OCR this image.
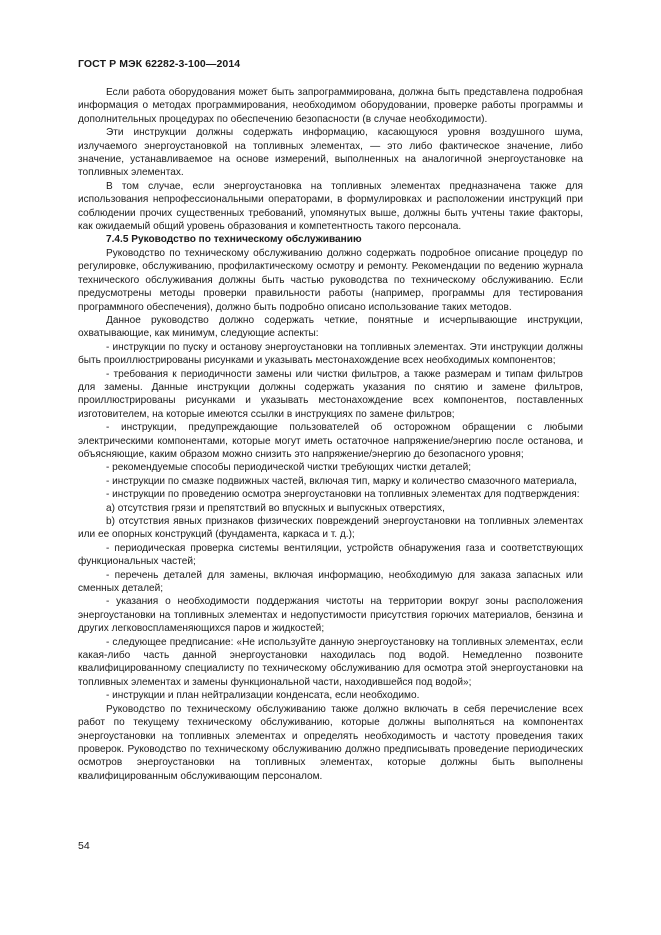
ГОСТ Р МЭК 62282-3-100—2014

Если работа оборудования может быть запрограммирована, должна быть представлена подробная информация о методах программирования, необходимом оборудовании, проверке работы программы и дополнительных процедурах по обеспечению безопасности (в случае необходимости).

Эти инструкции должны содержать информацию, касающуюся уровня воздушного шума, излучаемого энергоустановкой на топливных элементах, — это либо фактическое значение, либо значение, устанавливаемое на основе измерений, выполненных на аналогичной энергоустановке на топливных элементах.

В том случае, если энергоустановка на топливных элементах предназначена также для использования непрофессиональными операторами, в формулировках и расположении инструкций при соблюдении прочих существенных требований, упомянутых выше, должны быть учтены такие факторы, как ожидаемый общий уровень образования и компетентность такого персонала.

7.4.5 Руководство по техническому обслуживанию

Руководство по техническому обслуживанию должно содержать подробное описание процедур по регулировке, обслуживанию, профилактическому осмотру и ремонту. Рекомендации по ведению журнала технического обслуживания должны быть частью руководства по техническому обслуживанию. Если предусмотрены методы проверки правильности работы (например, программы для тестирования программного обеспечения), должно быть подробно описано использование таких методов.

Данное руководство должно содержать четкие, понятные и исчерпывающие инструкции, охватывающие, как минимум, следующие аспекты:

- инструкции по пуску и останову энергоустановки на топливных элементах. Эти инструкции должны быть проиллюстрированы рисунками и указывать местонахождение всех необходимых компонентов;

- требования к периодичности замены или чистки фильтров, а также размерам и типам фильтров для замены. Данные инструкции должны содержать указания по снятию и замене фильтров, проиллюстрированы рисунками и указывать местонахождение всех компонентов, поставленных изготовителем, на которые имеются ссылки в инструкциях по замене фильтров;

- инструкции, предупреждающие пользователей об осторожном обращении с любыми электрическими компонентами, которые могут иметь остаточное напряжение/энергию после останова, и объясняющие, каким образом можно снизить это напряжение/энергию до безопасного уровня;

- рекомендуемые способы периодической чистки требующих чистки деталей;

- инструкции по смазке подвижных частей, включая тип, марку и количество смазочного материала,

- инструкции по проведению осмотра энергоустановки на топливных элементах для подтверждения:

a) отсутствия грязи и препятствий во впускных и выпускных отверстиях,

b) отсутствия явных признаков физических повреждений энергоустановки на топливных элементах или ее опорных конструкций (фундамента, каркаса и т. д.);

- периодическая проверка системы вентиляции, устройств обнаружения газа и соответствующих функциональных частей;

- перечень деталей для замены, включая информацию, необходимую для заказа запасных или сменных деталей;

- указания о необходимости поддержания чистоты на территории вокруг зоны расположения энергоустановки на топливных элементах и недопустимости присутствия горючих материалов, бензина и других легковоспламеняющихся паров и жидкостей;

- следующее предписание: «Не используйте данную энергоустановку на топливных элементах, если какая-либо часть данной энергоустановки находилась под водой. Немедленно позвоните квалифицированному специалисту по техническому обслуживанию для осмотра этой энергоустановки на топливных элементах и замены функциональной части, находившейся под водой»;

- инструкции и план нейтрализации конденсата, если необходимо.

Руководство по техническому обслуживанию также должно включать в себя перечисление всех работ по текущему техническому обслуживанию, которые должны выполняться на компонентах энергоустановки на топливных элементах и определять необходимость и частоту проведения таких проверок. Руководство по техническому обслуживанию должно предписывать проведение периодических осмотров энергоустановки на топливных элементах, которые должны быть выполнены квалифицированным обслуживающим персоналом.

54
